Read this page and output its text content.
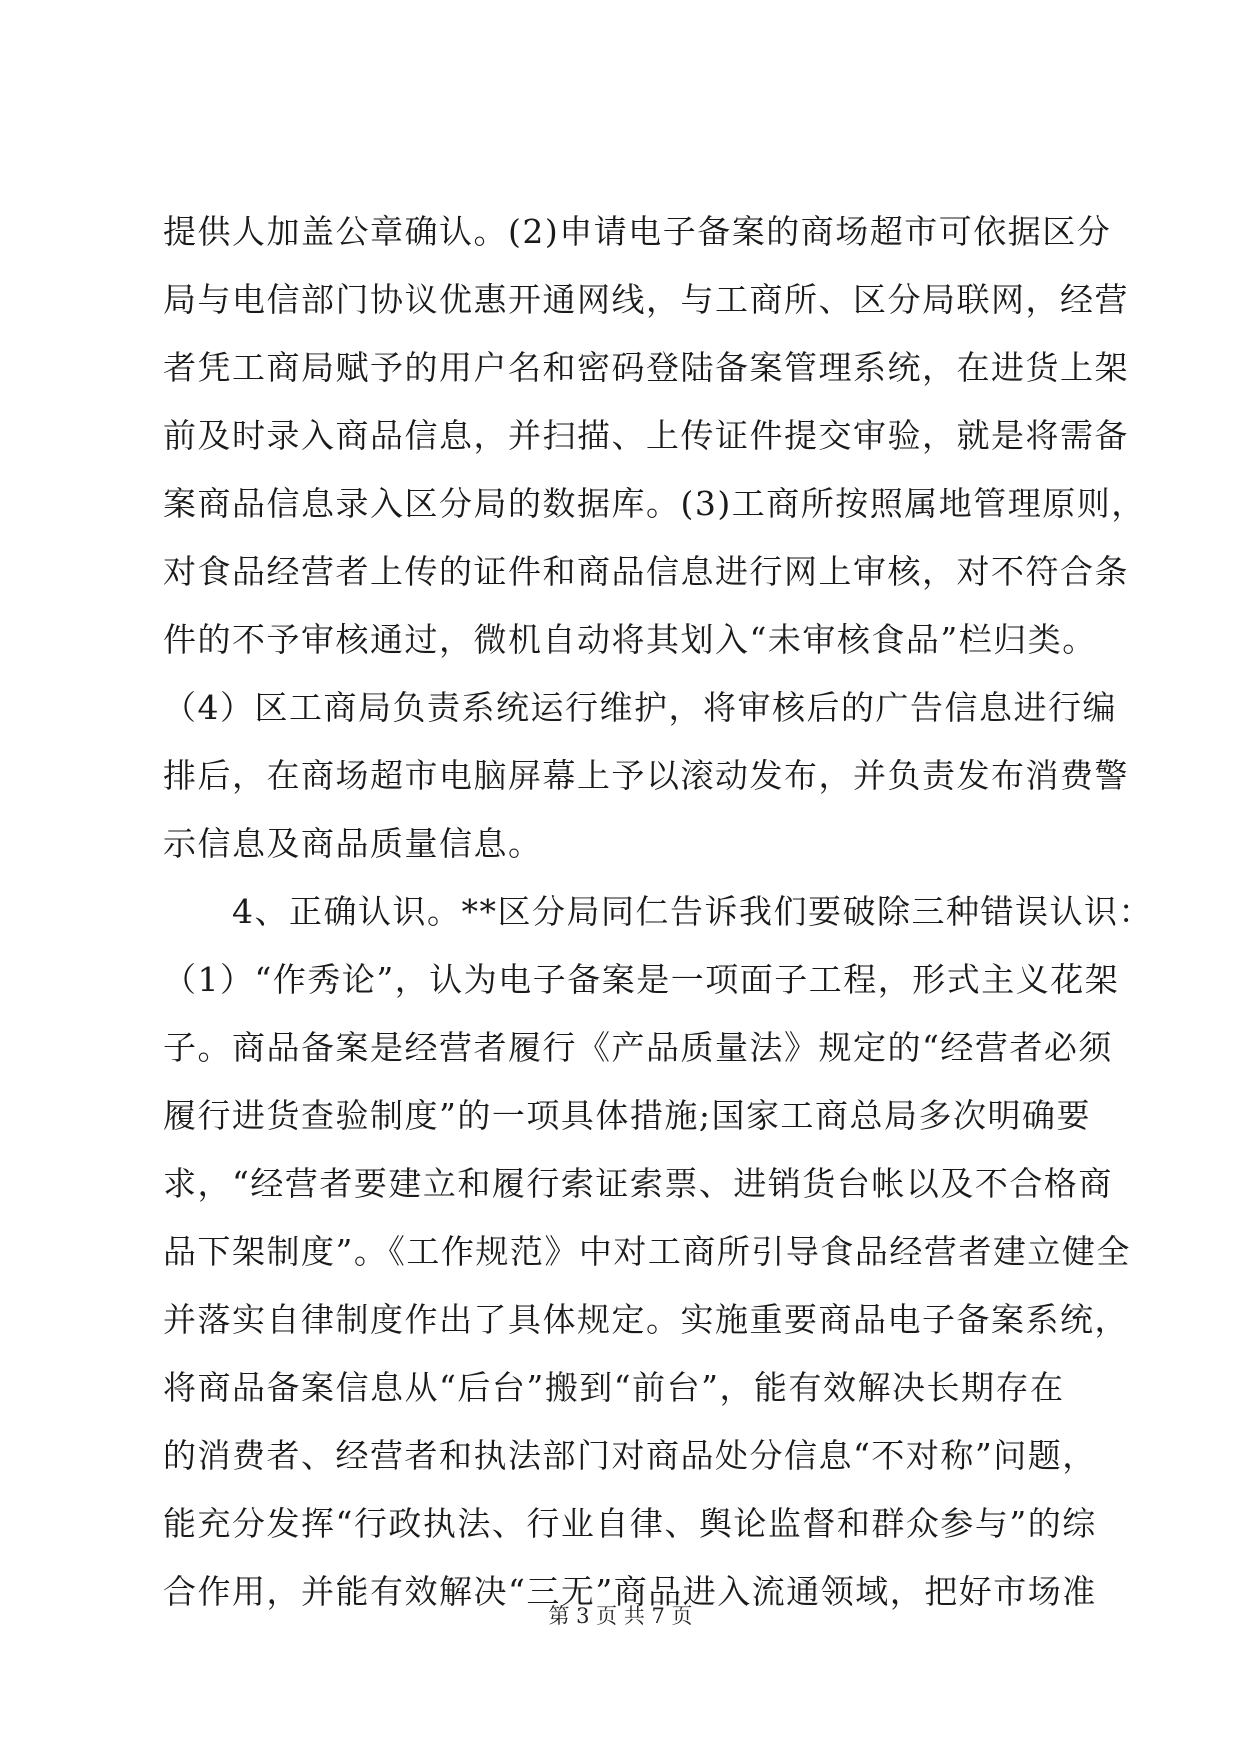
提供人加盖公章确认。(2)申请电子备案的商场超市可依据区分
局与电信部门协议优惠开通网线，与工商所、区分局联网，经营
者凭工商局赋予的用户名和密码登陆备案管理系统，在进货上架
前及时录入商品信息，并扫描、上传证件提交审验，就是将需备
案商品信息录入区分局的数据库。(3)工商所按照属地管理原则，
对食品经营者上传的证件和商品信息进行网上审核，对不符合条
件的不予审核通过，微机自动将其划入“未审核食品”栏归类。
（4）区工商局负责系统运行维护，将审核后的广告信息进行编
排后，在商场超市电脑屏幕上予以滚动发布，并负责发布消费警
示信息及商品质量信息。
　　4、正确认识。**区分局同仁告诉我们要破除三种错误认识：
（1）“作秀论”，认为电子备案是一项面子工程，形式主义花架
子。商品备案是经营者履行《产品质量法》规定的“经营者必须
履行进货查验制度”的一项具体措施;国家工商总局多次明确要
求，“经营者要建立和履行索证索票、进销货台帐以及不合格商
品下架制度”。《工作规范》中对工商所引导食品经营者建立健全
并落实自律制度作出了具体规定。实施重要商品电子备案系统，
将商品备案信息从“后台”搬到“前台”，能有效解决长期存在
的消费者、经营者和执法部门对商品处分信息“不对称”问题，
能充分发挥“行政执法、行业自律、舆论监督和群众参与”的综
合作用，并能有效解决“三无”商品进入流通领域，把好市场准
第 3 页 共 7 页
